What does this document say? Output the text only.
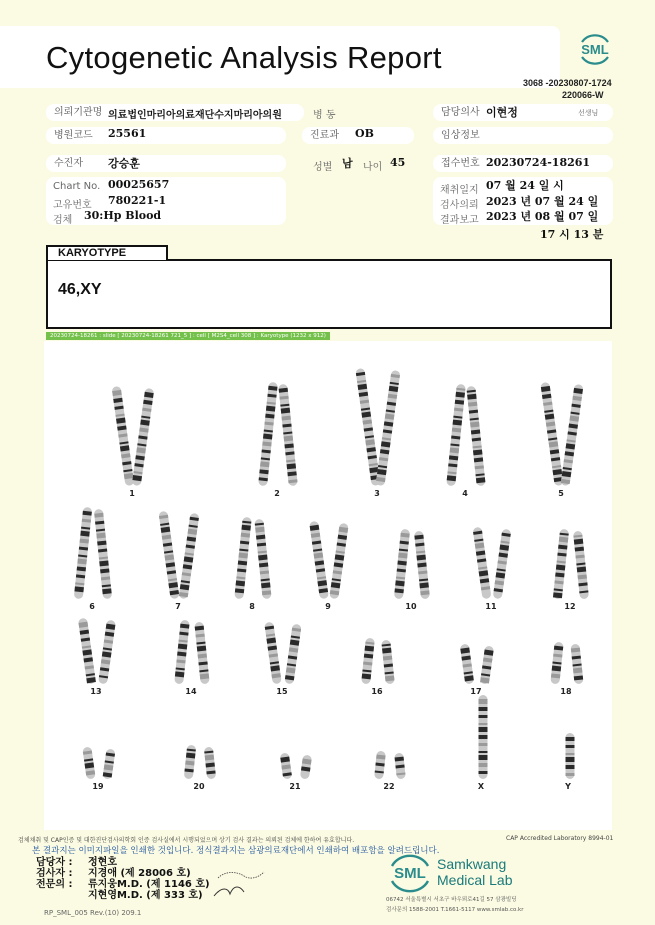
Cytogenetic Analysis Report	SML
3068 -20230807-1724
220066-W
의뢰기관명 의료법인마리아의료재단수지마리아의원	병 동	담당의사 이현정	선생님
병원코드	25561	진료과	OB	임상정보
수진자	강승훈	성별 남 나이 45	접수번호 20230724-18261
Chart No. 00025657
고유번호 780221-1
검체 30:Hp Blood
채취일지 07 월 24 일 시
검사의뢰 2023 년 07 월 24 일
결과보고 2023 년 08 월 07 일
17 시 13 분
KARYOTYPE
46,XY
20230724-18261 : slide [ 20230724-18261 721_5 ] : cell [ M2S4_cell 308 ] : Karyotype (1232 x 912)
1	2	3	4	5
6	7	8	9	10	11	12
13	14	15	16	17	18
19	20	21	22	X	Y
검체채취 및 CAP인증 및 대한진단검사의학회 인증 검사실에서 시행되었으며 상기 검사 결과는 의뢰된 검체에 한하여 유효합니다.	CAP Accredited Laboratory 8994-01
본 결과지는 이미지파일을 인쇄한 것입니다. 정식결과지는 삼광의료재단에서 인쇄하여 배포함을 알려드립니다.
담당자 : 정현호
검사자 : 지경애 (제 28006 호)
전문의 : 류지웅M.D. (제 1146 호)
지현영M.D. (제 333 호)
SML
Samkwang
Medical Lab
06742 서울특별시 서초구 바우뫼로41길 57 삼광빌딩
검사문의 1588-2001 T.1661-5117 www.smlab.co.kr
RP_SML_005 Rev.(10) 209.1
